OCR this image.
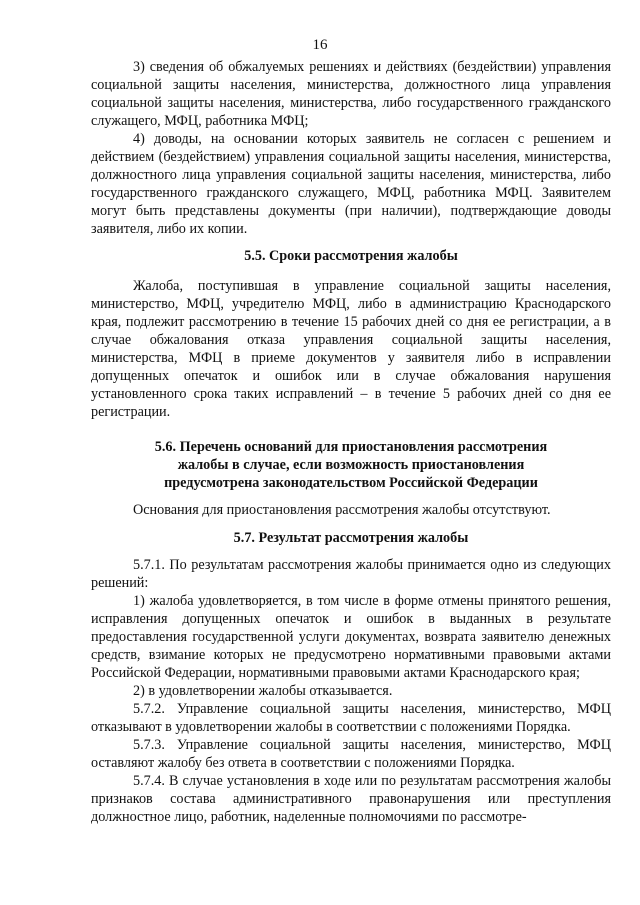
16

3) сведения об обжалуемых решениях и действиях (бездействии) управления социальной защиты населения, министерства, должностного лица управления социальной защиты населения, министерства, либо государственного гражданского служащего, МФЦ, работника МФЦ;

4) доводы, на основании которых заявитель не согласен с решением и действием (бездействием) управления социальной защиты населения, министерства, должностного лица управления социальной защиты населения, министерства, либо государственного гражданского служащего, МФЦ, работника МФЦ. Заявителем могут быть представлены документы (при наличии), подтверждающие доводы заявителя, либо их копии.

5.5. Сроки рассмотрения жалобы

Жалоба, поступившая в управление социальной защиты населения, министерство, МФЦ, учредителю МФЦ, либо в администрацию Краснодарского края, подлежит рассмотрению в течение 15 рабочих дней со дня ее регистрации, а в случае обжалования отказа управления социальной защиты населения, министерства, МФЦ в приеме документов у заявителя либо в исправлении допущенных опечаток и ошибок или в случае обжалования нарушения установленного срока таких исправлений – в течение 5 рабочих дней со дня ее регистрации.

5.6. Перечень оснований для приостановления рассмотрения

жалобы в случае, если возможность приостановления

предусмотрена законодательством Российской Федерации

Основания для приостановления рассмотрения жалобы отсутствуют.

5.7. Результат рассмотрения жалобы

5.7.1. По результатам рассмотрения жалобы принимается одно из следующих решений:

1) жалоба удовлетворяется, в том числе в форме отмены принятого решения, исправления допущенных опечаток и ошибок в выданных в результате предоставления государственной услуги документах, возврата заявителю денежных средств, взимание которых не предусмотрено нормативными правовыми актами Российской Федерации, нормативными правовыми актами Краснодарского края;

2) в удовлетворении жалобы отказывается.

5.7.2. Управление социальной защиты населения, министерство, МФЦ отказывают в удовлетворении жалобы в соответствии с положениями Порядка.

5.7.3. Управление социальной защиты населения, министерство, МФЦ оставляют жалобу без ответа в соответствии с положениями Порядка.

5.7.4. В случае установления в ходе или по результатам рассмотрения жалобы признаков состава административного правонарушения или преступления должностное лицо, работник, наделенные полномочиями по рассмотре-
